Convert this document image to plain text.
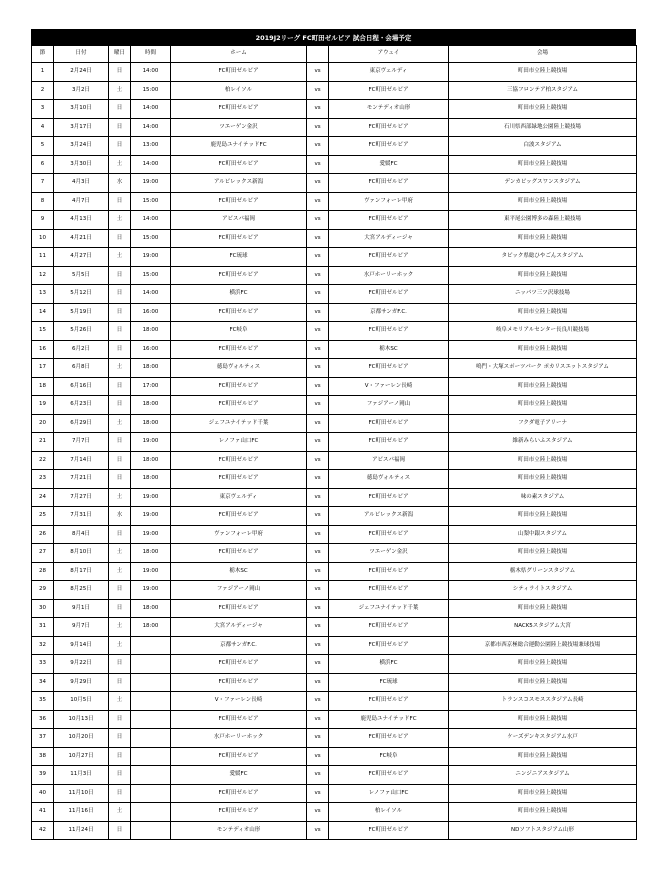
2019J2リーグ FC町田ゼルビア 試合日程・会場予定
節	日付	曜日	時間	ホーム		アウェイ	会場
1	2月24日	日	14:00	FC町田ゼルビア	vs	東京ヴェルディ	町田市立陸上競技場
2	3月2日	土	15:00	柏レイソル	vs	FC町田ゼルビア	三協フロンテア柏スタジアム
3	3月10日	日	14:00	FC町田ゼルビア	vs	モンテディオ山形	町田市立陸上競技場
4	3月17日	日	14:00	ツエーゲン金沢	vs	FC町田ゼルビア	石川県西部緑地公園陸上競技場
5	3月24日	日	13:00	鹿児島ユナイテッドFC	vs	FC町田ゼルビア	白波スタジアム
6	3月30日	土	14:00	FC町田ゼルビア	vs	愛媛FC	町田市立陸上競技場
7	4月3日	水	19:00	アルビレックス新潟	vs	FC町田ゼルビア	デンカビッグスワンスタジアム
8	4月7日	日	15:00	FC町田ゼルビア	vs	ヴァンフォーレ甲府	町田市立陸上競技場
9	4月13日	土	14:00	アビスパ福岡	vs	FC町田ゼルビア	東平尾公園博多の森陸上競技場
10	4月21日	日	15:00	FC町田ゼルビア	vs	大宮アルディージャ	町田市立陸上競技場
11	4月27日	土	19:00	FC琉球	vs	FC町田ゼルビア	タピック県総ひやごんスタジアム
12	5月5日	日	15:00	FC町田ゼルビア	vs	水戸ホーリーホック	町田市立陸上競技場
13	5月12日	日	14:00	横浜FC	vs	FC町田ゼルビア	ニッパツ三ツ沢球技場
14	5月19日	日	16:00	FC町田ゼルビア	vs	京都サンガF.C.	町田市立陸上競技場
15	5月26日	日	18:00	FC岐阜	vs	FC町田ゼルビア	岐阜メモリアルセンター長良川競技場
16	6月2日	日	16:00	FC町田ゼルビア	vs	栃木SC	町田市立陸上競技場
17	6月8日	土	18:00	徳島ヴォルティス	vs	FC町田ゼルビア	鳴門・大塚スポーツパーク ポカリスエットスタジアム
18	6月16日	日	17:00	FC町田ゼルビア	vs	V・ファーレン長崎	町田市立陸上競技場
19	6月23日	日	18:00	FC町田ゼルビア	vs	ファジアーノ岡山	町田市立陸上競技場
20	6月29日	土	18:00	ジェフユナイテッド千葉	vs	FC町田ゼルビア	フクダ電子アリーナ
21	7月7日	日	19:00	レノファ山口FC	vs	FC町田ゼルビア	維新みらいふスタジアム
22	7月14日	日	18:00	FC町田ゼルビア	vs	アビスパ福岡	町田市立陸上競技場
23	7月21日	日	18:00	FC町田ゼルビア	vs	徳島ヴォルティス	町田市立陸上競技場
24	7月27日	土	19:00	東京ヴェルディ	vs	FC町田ゼルビア	味の素スタジアム
25	7月31日	水	19:00	FC町田ゼルビア	vs	アルビレックス新潟	町田市立陸上競技場
26	8月4日	日	19:00	ヴァンフォーレ甲府	vs	FC町田ゼルビア	山梨中銀スタジアム
27	8月10日	土	18:00	FC町田ゼルビア	vs	ツエーゲン金沢	町田市立陸上競技場
28	8月17日	土	19:00	栃木SC	vs	FC町田ゼルビア	栃木県グリーンスタジアム
29	8月25日	日	19:00	ファジアーノ岡山	vs	FC町田ゼルビア	シティライトスタジアム
30	9月1日	日	18:00	FC町田ゼルビア	vs	ジェフユナイテッド千葉	町田市立陸上競技場
31	9月7日	土	18:00	大宮アルディージャ	vs	FC町田ゼルビア	NACK5スタジアム大宮
32	9月14日	土		京都サンガF.C.	vs	FC町田ゼルビア	京都市西京極総合運動公園陸上競技場兼球技場
33	9月22日	日		FC町田ゼルビア	vs	横浜FC	町田市立陸上競技場
34	9月29日	日		FC町田ゼルビア	vs	FC琉球	町田市立陸上競技場
35	10月5日	土		V・ファーレン長崎	vs	FC町田ゼルビア	トランスコスモススタジアム長崎
36	10月13日	日		FC町田ゼルビア	vs	鹿児島ユナイテッドFC	町田市立陸上競技場
37	10月20日	日		水戸ホーリーホック	vs	FC町田ゼルビア	ケーズデンキスタジアム水戸
38	10月27日	日		FC町田ゼルビア	vs	FC岐阜	町田市立陸上競技場
39	11月3日	日		愛媛FC	vs	FC町田ゼルビア	ニンジニアスタジアム
40	11月10日	日		FC町田ゼルビア	vs	レノファ山口FC	町田市立陸上競技場
41	11月16日	土		FC町田ゼルビア	vs	柏レイソル	町田市立陸上競技場
42	11月24日	日		モンテディオ山形	vs	FC町田ゼルビア	NDソフトスタジアム山形
